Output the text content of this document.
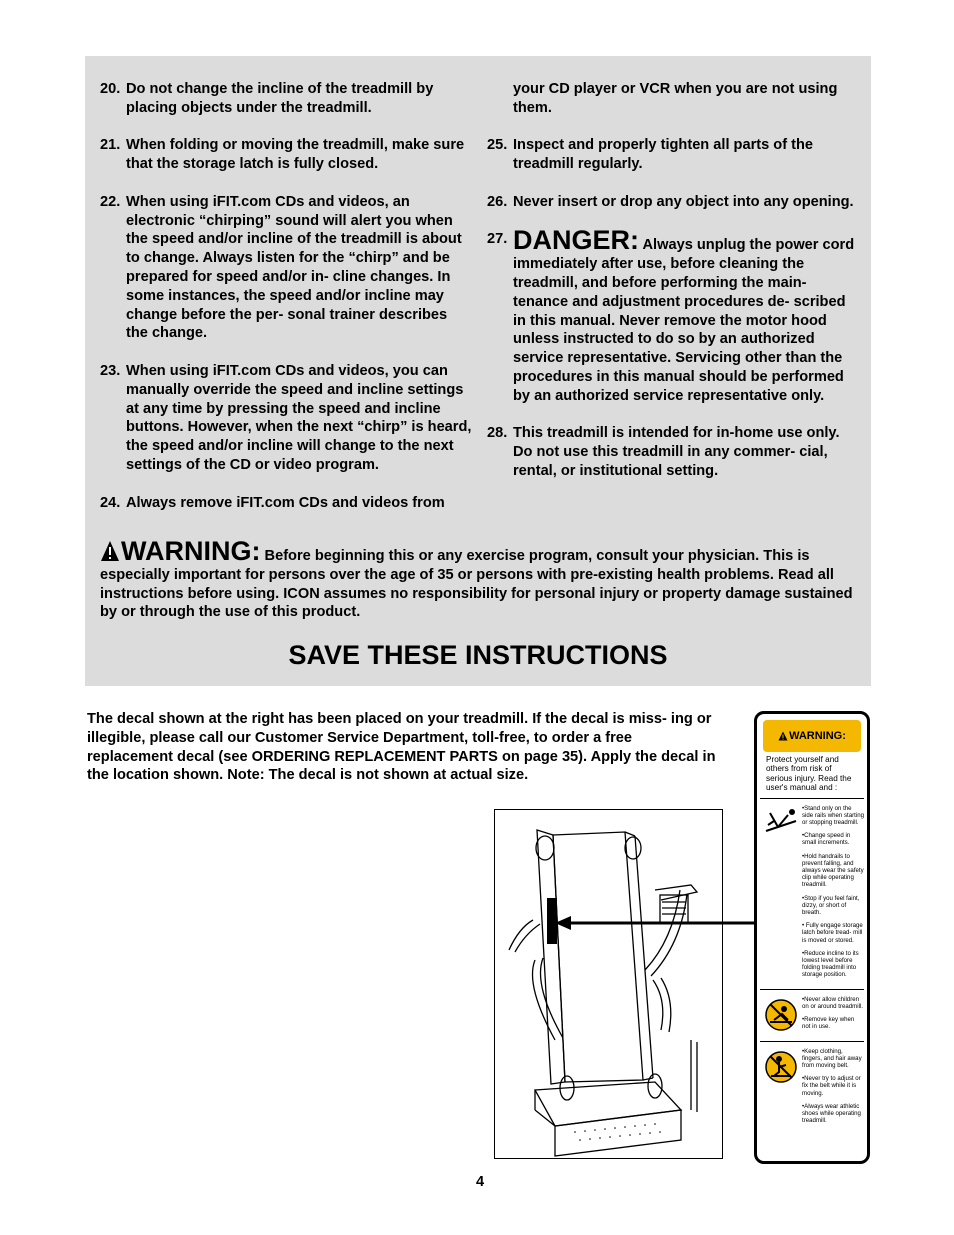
20. Do not change the incline of the treadmill by placing objects under the treadmill.
21. When folding or moving the treadmill, make sure that the storage latch is fully closed.
22. When using iFIT.com CDs and videos, an electronic “chirping” sound will alert you when the speed and/or incline of the treadmill is about to change. Always listen for the “chirp” and be prepared for speed and/or in- cline changes. In some instances, the speed and/or incline may change before the per- sonal trainer describes the change.
23. When using iFIT.com CDs and videos, you can manually override the speed and incline settings at any time by pressing the speed and incline buttons. However, when the next “chirp” is heard, the speed and/or incline will change to the next settings of the CD or video program.
24. Always remove iFIT.com CDs and videos from
your CD player or VCR when you are not using them.
25. Inspect and properly tighten all parts of the treadmill regularly.
26. Never insert or drop any object into any opening.
27. DANGER: Always unplug the power cord immediately after use, before cleaning the treadmill, and before performing the main- tenance and adjustment procedures de- scribed in this manual. Never remove the motor hood unless instructed to do so by an authorized service representative. Servicing other than the procedures in this manual should be performed by an authorized service representative only.
28. This treadmill is intended for in-home use only. Do not use this treadmill in any commer- cial, rental, or institutional setting.
WARNING: Before beginning this or any exercise program, consult your physician. This is especially important for persons over the age of 35 or persons with pre-existing health problems. Read all instructions before using. ICON assumes no responsibility for personal injury or property damage sustained by or through the use of this product.
SAVE THESE INSTRUCTIONS
The decal shown at the right has been placed on your treadmill. If the decal is miss- ing or illegible, please call our Customer Service Department, toll-free, to order a free replacement decal (see ORDERING REPLACEMENT PARTS on page 35). Apply the decal in the location shown. Note: The decal is not shown at actual size.
WARNING:
Protect yourself and others from risk of serious injury. Read the user's manual and :
•Stand only on the side rails when starting or stopping treadmill.
•Change speed in small increments.
•Hold handrails to prevent falling, and always wear the safety clip while operating treadmill.
•Stop if you feel faint, dizzy, or short of breath.
• Fully engage storage latch before tread- mill is moved or stored.
•Reduce incline to its lowest level before folding treadmill into storage position.
•Never allow children on or around treadmill.
•Remove key when not in use.
•Keep clothing, fingers, and hair away from moving belt.
•Never try to adjust or fix the belt while it is moving.
•Always wear athletic shoes while operating treadmill.
4
